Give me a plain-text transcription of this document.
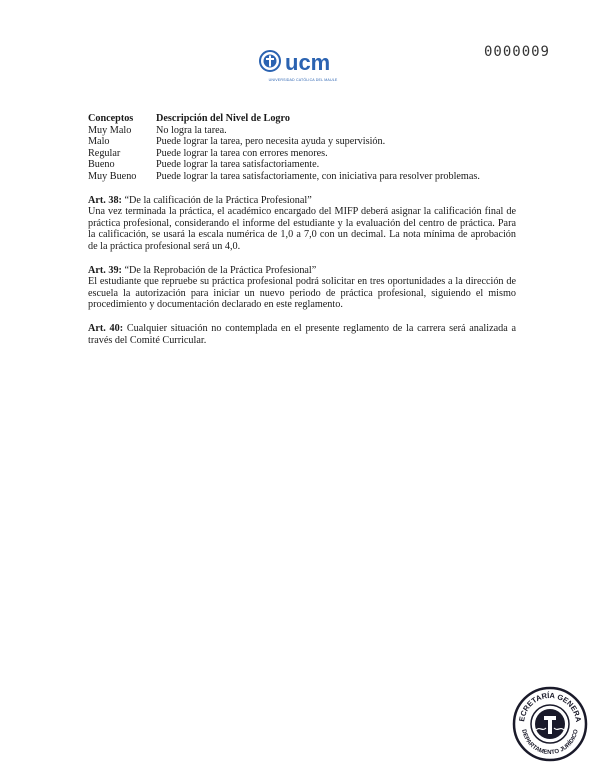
0000009
ucm
UNIVERSIDAD CATÓLICA DEL MAULE
Conceptos	Descripción del Nivel de Logro
Muy Malo	No logra la tarea.
Malo	Puede lograr la tarea, pero necesita ayuda y supervisión.
Regular	Puede lograr la tarea con errores menores.
Bueno	Puede lograr la tarea satisfactoriamente.
Muy Bueno	Puede lograr la tarea satisfactoriamente, con iniciativa para resolver problemas.

Art. 38: “De la calificación de la Práctica Profesional”

Una vez terminada la práctica, el académico encargado del MIFP deberá asignar la calificación final de práctica profesional, considerando el informe del estudiante y la evaluación del centro de práctica. Para la calificación, se usará la escala numérica de 1,0 a 7,0 con un decimal. La nota mínima de aprobación de la práctica profesional será un 4,0.

Art. 39: “De la Reprobación de la Práctica Profesional”

El estudiante que repruebe su práctica profesional podrá solicitar en tres oportunidades a la dirección de escuela la autorización para iniciar un nuevo periodo de práctica profesional, siguiendo el mismo procedimiento y documentación declarado en este reglamento.

Art. 40: Cualquier situación no contemplada en el presente reglamento de la carrera será analizada a través del Comité Curricular.

ECRETARÍA GENERA
DEPARTAMENTO JURÍDICO
